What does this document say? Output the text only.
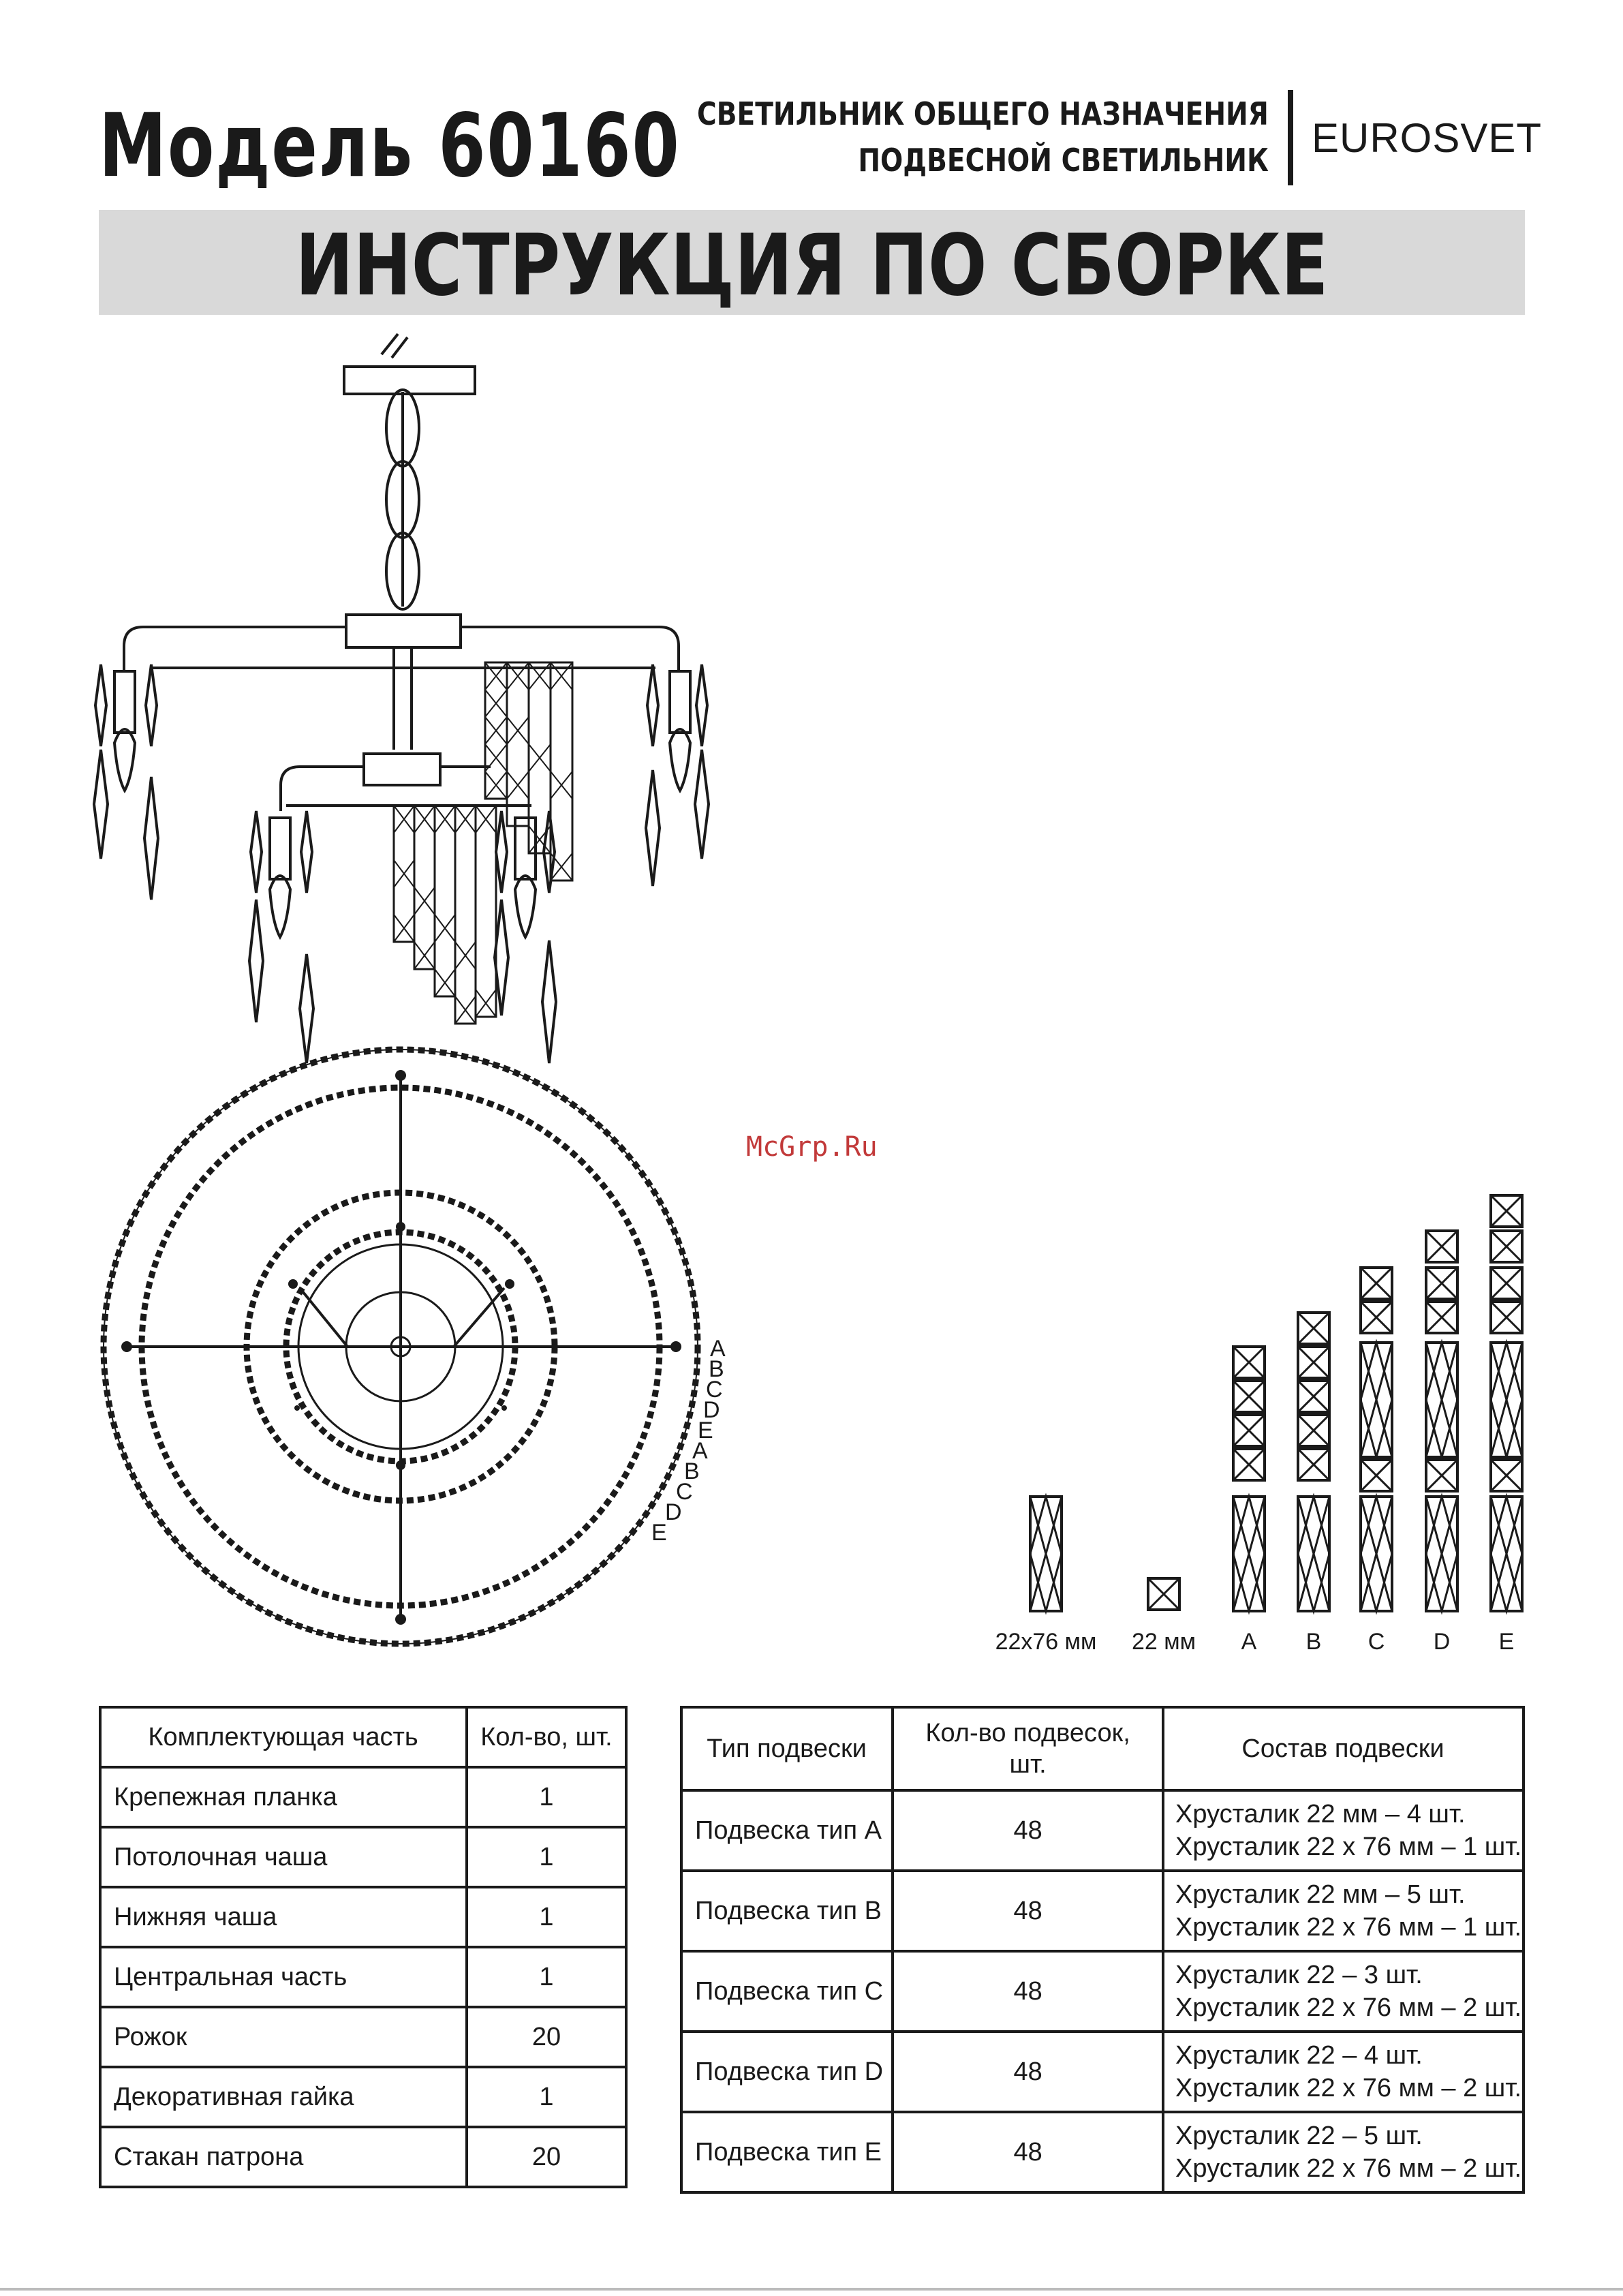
Модель 60160 СВЕТИЛЬНИК ОБЩЕГО НАЗНАЧЕНИЯ
ПОДВЕСНОЙ СВЕТИЛЬНИК EUROSVET
ИНСТРУКЦИЯ ПО СБОРКЕ
A
B
C
D
E
A
B
C
D
E
McGrp.Ru
22х76 мм 22 мм A B C D E
Комплектующая часть	Кол-во, шт.
Крепежная планка	1
Потолочная чаша	1
Нижняя чаша	1
Центральная часть	1
Рожок	20
Декоративная гайка	1
Стакан патрона	20
Тип подвески	Кол-во подвесок, шт.	Состав подвески
Подвеска тип A	48	Хрусталик 22 мм – 4 шт.
Хрусталик 22 х 76 мм – 1 шт.

Подвеска тип B	48	Хрусталик 22 мм – 5 шт.
Хрусталик 22 х 76 мм – 1 шт.

Подвеска тип C	48	Хрусталик 22 – 3 шт.
Хрусталик 22 х 76 мм – 2 шт.

Подвеска тип D	48	Хрусталик 22 – 4 шт.
Хрусталик 22 х 76 мм – 2 шт.

Подвеска тип E	48	Хрусталик 22 – 5 шт.
Хрусталик 22 х 76 мм – 2 шт.
